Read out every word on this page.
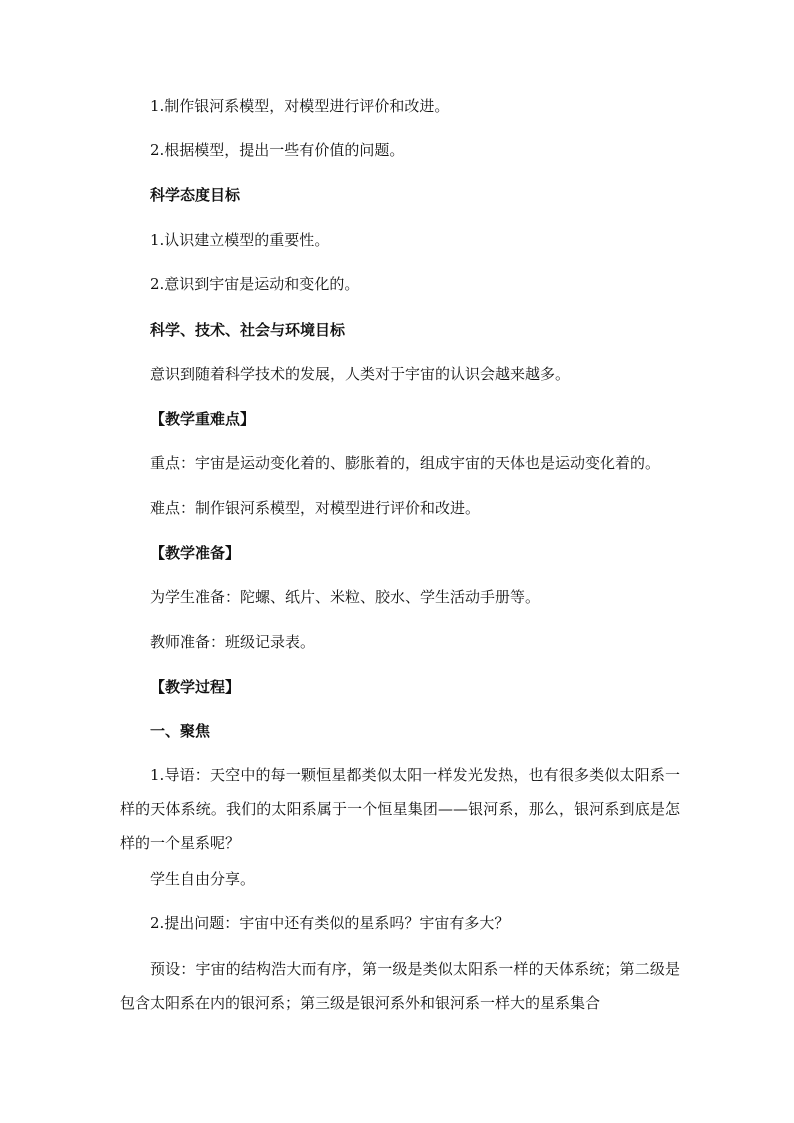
1.制作银河系模型，对模型进行评价和改进。
2.根据模型，提出一些有价值的问题。
科学态度目标
1.认识建立模型的重要性。
2.意识到宇宙是运动和变化的。
科学、技术、社会与环境目标
意识到随着科学技术的发展，人类对于宇宙的认识会越来越多。
【教学重难点】
重点：宇宙是运动变化着的、膨胀着的，组成宇宙的天体也是运动变化着的。
难点：制作银河系模型，对模型进行评价和改进。
【教学准备】
为学生准备：陀螺、纸片、米粒、胶水、学生活动手册等。
教师准备：班级记录表。
【教学过程】
一、聚焦
1.导语：天空中的每一颗恒星都类似太阳一样发光发热，也有很多类似太阳系一样的天体系统。我们的太阳系属于一个恒星集团——银河系，那么，银河系到底是怎样的一个星系呢？
学生自由分享。
2.提出问题：宇宙中还有类似的星系吗？宇宙有多大？
预设：宇宙的结构浩大而有序，第一级是类似太阳系一样的天体系统；第二级是包含太阳系在内的银河系；第三级是银河系外和银河系一样大的星系集合
